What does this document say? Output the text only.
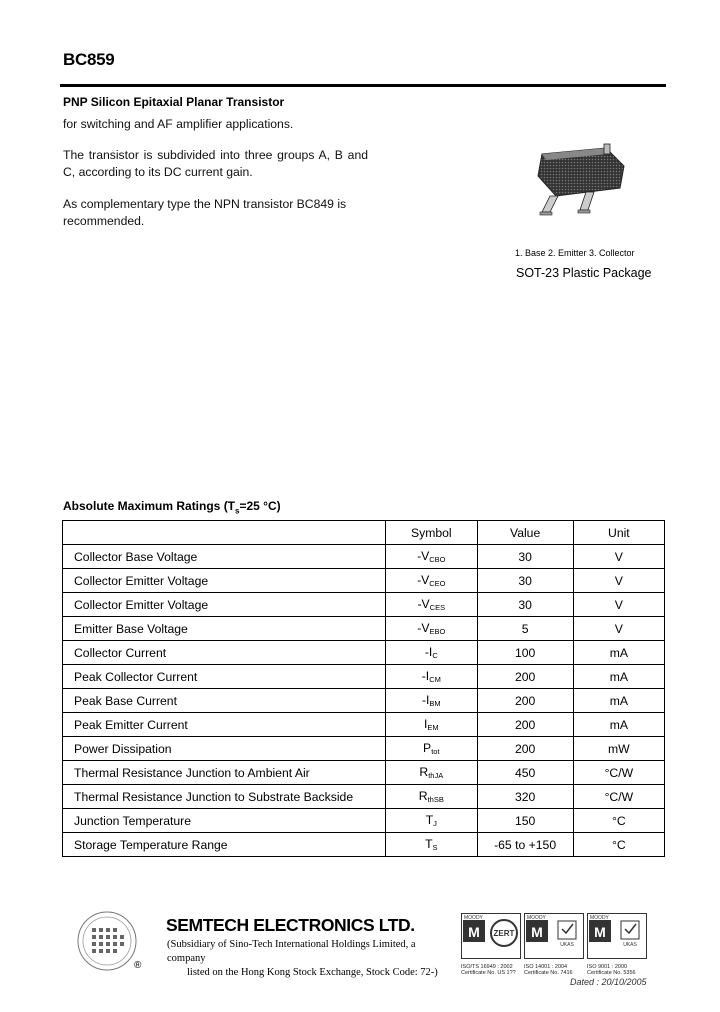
BC859
PNP Silicon Epitaxial Planar Transistor
for switching and AF amplifier applications.
The transistor is subdivided into three groups A, B and C, according to its DC current gain.
As complementary type the NPN transistor BC849 is recommended.
1. Base 2. Emitter 3. Collector
SOT-23 Plastic Package
Absolute Maximum Ratings ($T_s=25$ °C)
	Symbol	Value	Unit
Collector Base Voltage	$-V_{CBO}$	30	V
Collector Emitter Voltage	$-V_{CEO}$	30	V
Collector Emitter Voltage	$-V_{CES}$	30	V
Emitter Base Voltage	$-V_{EBO}$	5	V
Collector Current	$-I_C$	100	mA
Peak Collector Current	$-I_{CM}$	200	mA
Peak Base Current	$-I_{BM}$	200	mA
Peak Emitter Current	$I_{EM}$	200	mA
Power Dissipation	$P_{tot}$	200	mW
Thermal Resistance Junction to Ambient Air	$R_{thJA}$	450	°C/W
Thermal Resistance Junction to Substrate Backside	$R_{thSB}$	320	°C/W
Junction Temperature	$T_J$	150	°C
Storage Temperature Range	$T_S$	-65 to +150	°C
®
SEMTECH ELECTRONICS LTD.
(Subsidiary of Sino-Tech International Holdings Limited, a company
listed on the Hong Kong Stock Exchange, Stock Code: 72-)
M ZERT
MOODY
ISO/TS 16949 : 2002
Certificate No. US 1??
M
UKAS
MOODY
ISO 14001 : 2004
Certificate No. 7416
M
UKAS
MOODY
ISO 9001 : 2000
Certificate No. 5356
Dated : 20/10/2005
